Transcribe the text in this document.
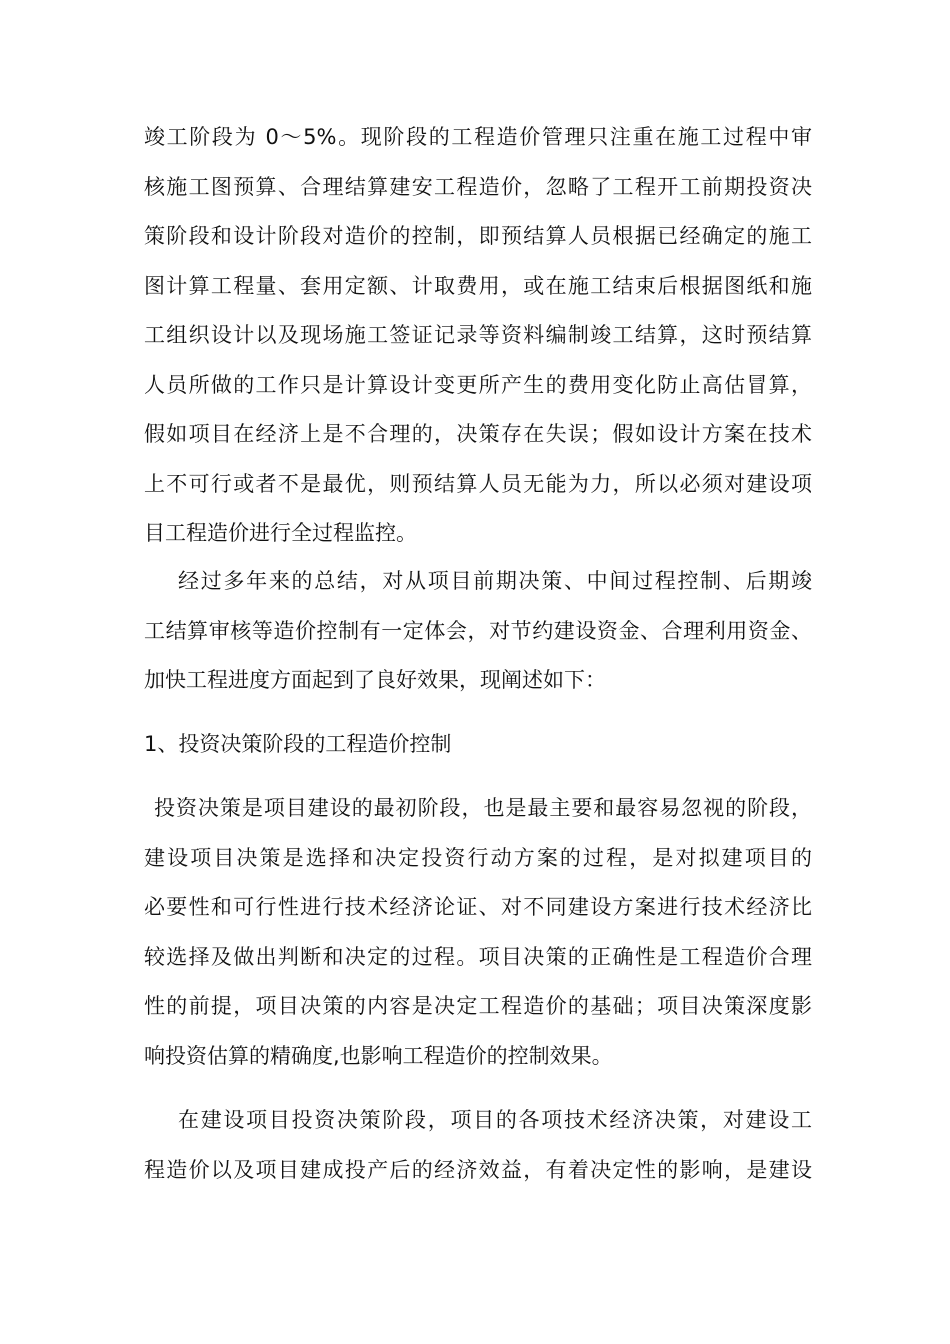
竣工阶段为 0～5%。现阶段的工程造价管理只注重在施工过程中审
核施工图预算、合理结算建安工程造价，忽略了工程开工前期投资决
策阶段和设计阶段对造价的控制，即预结算人员根据已经确定的施工
图计算工程量、套用定额、计取费用，或在施工结束后根据图纸和施
工组织设计以及现场施工签证记录等资料编制竣工结算，这时预结算
人员所做的工作只是计算设计变更所产生的费用变化防止高估冒算，
假如项目在经济上是不合理的，决策存在失误；假如设计方案在技术
上不可行或者不是最优，则预结算人员无能为力，所以必须对建设项
目工程造价进行全过程监控。
经过多年来的总结，对从项目前期决策、中间过程控制、后期竣
工结算审核等造价控制有一定体会，对节约建设资金、合理利用资金、
加快工程进度方面起到了良好效果，现阐述如下：
1、投资决策阶段的工程造价控制
投资决策是项目建设的最初阶段，也是最主要和最容易忽视的阶段，
建设项目决策是选择和决定投资行动方案的过程，是对拟建项目的
必要性和可行性进行技术经济论证、对不同建设方案进行技术经济比
较选择及做出判断和决定的过程。项目决策的正确性是工程造价合理
性的前提，项目决策的内容是决定工程造价的基础；项目决策深度影
响投资估算的精确度,也影响工程造价的控制效果。
在建设项目投资决策阶段，项目的各项技术经济决策，对建设工
程造价以及项目建成投产后的经济效益，有着决定性的影响，是建设
